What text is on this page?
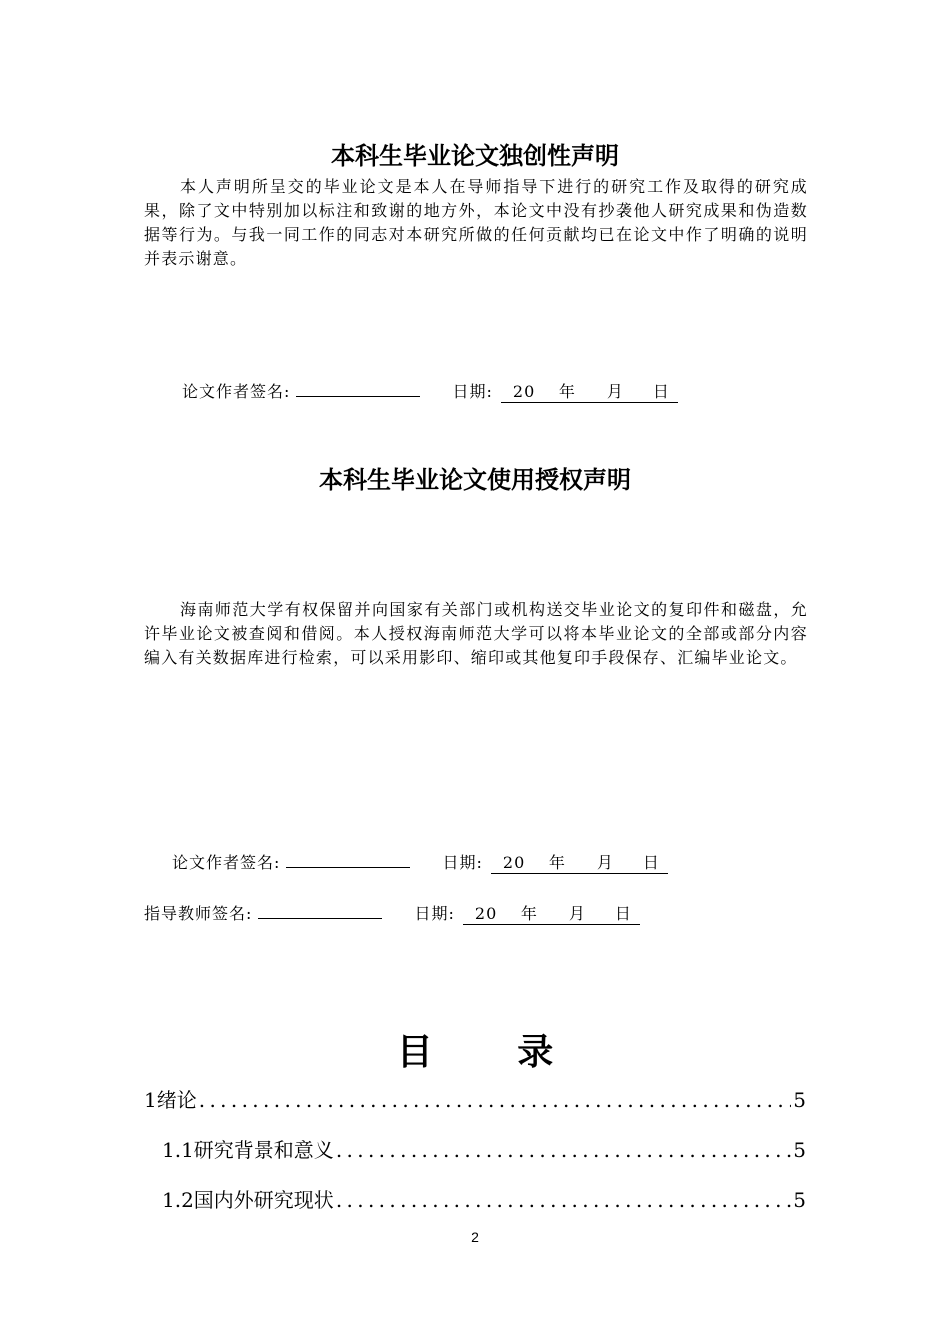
本科生毕业论文独创性声明

本人声明所呈交的毕业论文是本人在导师指导下进行的研究工作及取得的研究成果，除了文中特别加以标注和致谢的地方外，本论文中没有抄袭他人研究成果和伪造数据等行为。与我一同工作的同志对本研究所做的任何贡献均已在论文中作了明确的说明并表示谢意。

论文作者签名:	日期: 20 年 月 日
本科生毕业论文使用授权声明

海南师范大学有权保留并向国家有关部门或机构送交毕业论文的复印件和磁盘，允许毕业论文被查阅和借阅。本人授权海南师范大学可以将本毕业论文的全部或部分内容编入有关数据库进行检索，可以采用影印、缩印或其他复印手段保存、汇编毕业论文。

论文作者签名:	日期: 20 年 月 日
指导教师签名:	日期: 20 年 月 日
目 录
1绪论 . . .	5
1.1研究背景和意义 . . .	5
1.2国内外研究现状 . . .	5
2
